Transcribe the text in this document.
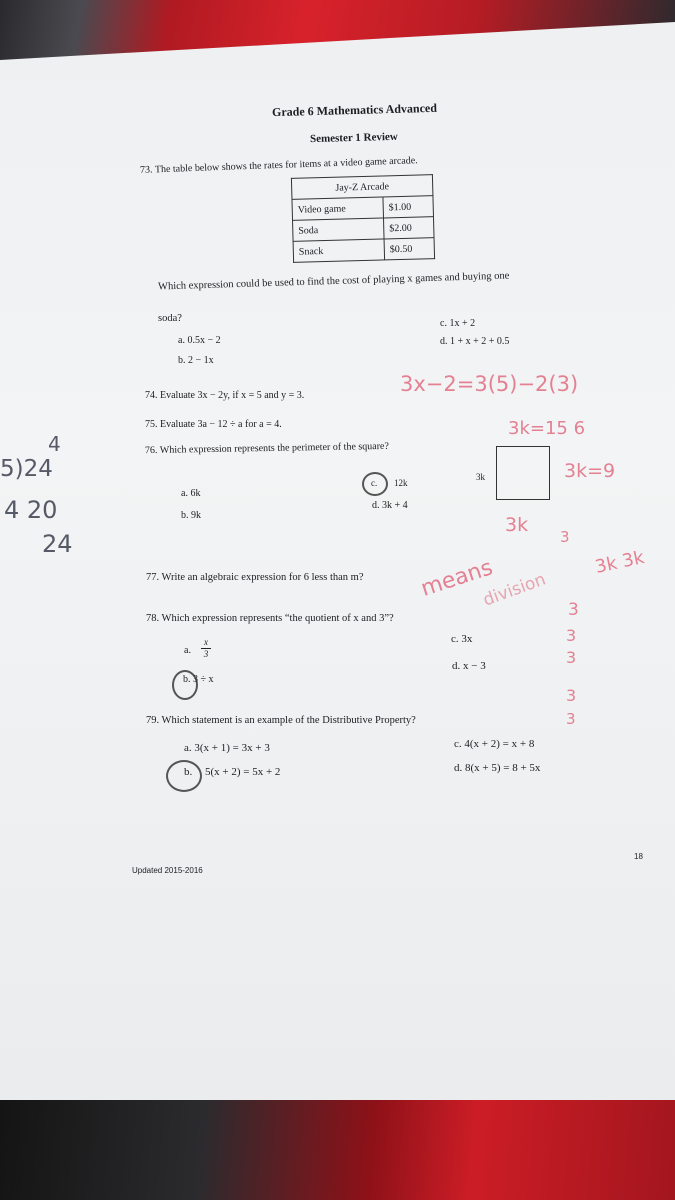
Grade 6 Mathematics Advanced
Semester 1 Review
73. The table below shows the rates for items at a video game arcade.
Jay-Z Arcade	
Video game	$1.00
Soda	$2.00
Snack	$0.50
Which expression could be used to find the cost of playing x games and buying one
soda?
a. 0.5x − 2
b. 2 − 1x
c. 1x + 2
d. 1 + x + 2 + 0.5
74. Evaluate 3x − 2y, if x = 5 and y = 3.	3x−2=3(5)−2(3)
75. Evaluate 3a − 12 ÷ a for a = 4.	3k=15 6
76. Which expression represents the perimeter of the square?
a. 6k
b. 9k
c. 12k
d. 3k + 4
3k	3k=9
3k
3
3k 3k
4
5)24
4 20
24
77. Write an algebraic expression for 6 less than m? means
division
78. Which expression represents “the quotient of x and 3”?
a. $\frac{x}{3}$
b. 3 ÷ x
c. 3x
d. x − 3
3
3
3
3
3
79. Which statement is an example of the Distributive Property?
a. 3(x + 1) = 3x + 3
b. 5(x + 2) = 5x + 2
c. 4(x + 2) = x + 8
d. 8(x + 5) = 8 + 5x
Updated 2015-2016
18
